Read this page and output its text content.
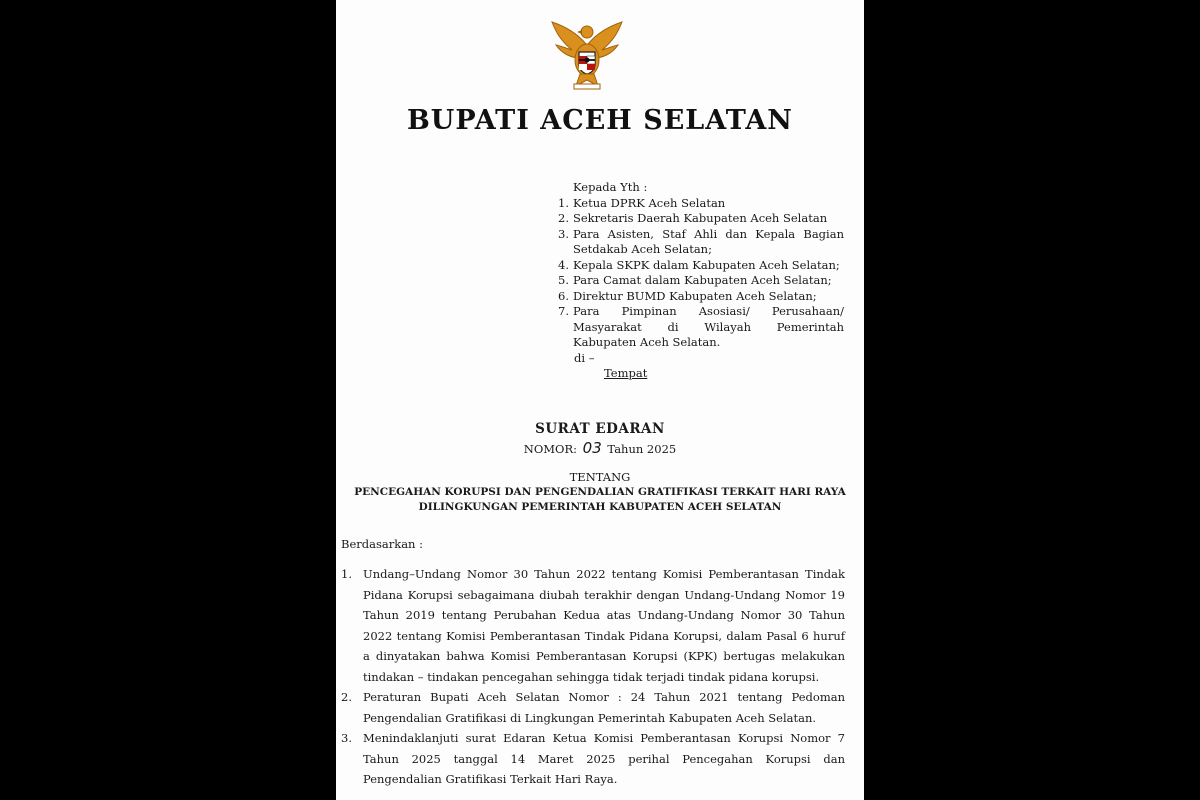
BUPATI ACEH SELATAN
Kepada Yth :
1. Ketua DPRK Aceh Selatan
2. Sekretaris Daerah Kabupaten Aceh Selatan
3. Para Asisten, Staf Ahli dan Kepala Bagian Setdakab Aceh Selatan;
4. Kepala SKPK dalam Kabupaten Aceh Selatan;
5. Para Camat dalam Kabupaten Aceh Selatan;
6. Direktur BUMD Kabupaten Aceh Selatan;
7. Para Pimpinan Asosiasi/ Perusahaan/ Masyarakat di Wilayah Pemerintah Kabupaten Aceh Selatan.
di –
Tempat
SURAT EDARAN
NOMOR: 03 Tahun 2025
TENTANG
PENCEGAHAN KORUPSI DAN PENGENDALIAN GRATIFIKASI TERKAIT HARI RAYA
DILINGKUNGAN PEMERINTAH KABUPATEN ACEH SELATAN
Berdasarkan :
1. Undang–Undang Nomor 30 Tahun 2022 tentang Komisi Pemberantasan Tindak Pidana Korupsi sebagaimana diubah terakhir dengan Undang-Undang Nomor 19 Tahun 2019 tentang Perubahan Kedua atas Undang-Undang Nomor 30 Tahun 2022 tentang Komisi Pemberantasan Tindak Pidana Korupsi, dalam Pasal 6 huruf a dinyatakan bahwa Komisi Pemberantasan Korupsi (KPK) bertugas melakukan tindakan – tindakan pencegahan sehingga tidak terjadi tindak pidana korupsi.
2. Peraturan Bupati Aceh Selatan Nomor : 24 Tahun 2021 tentang Pedoman Pengendalian Gratifikasi di Lingkungan Pemerintah Kabupaten Aceh Selatan.
3. Menindaklanjuti surat Edaran Ketua Komisi Pemberantasan Korupsi Nomor 7 Tahun 2025 tanggal 14 Maret 2025 perihal Pencegahan Korupsi dan Pengendalian Gratifikasi Terkait Hari Raya.
